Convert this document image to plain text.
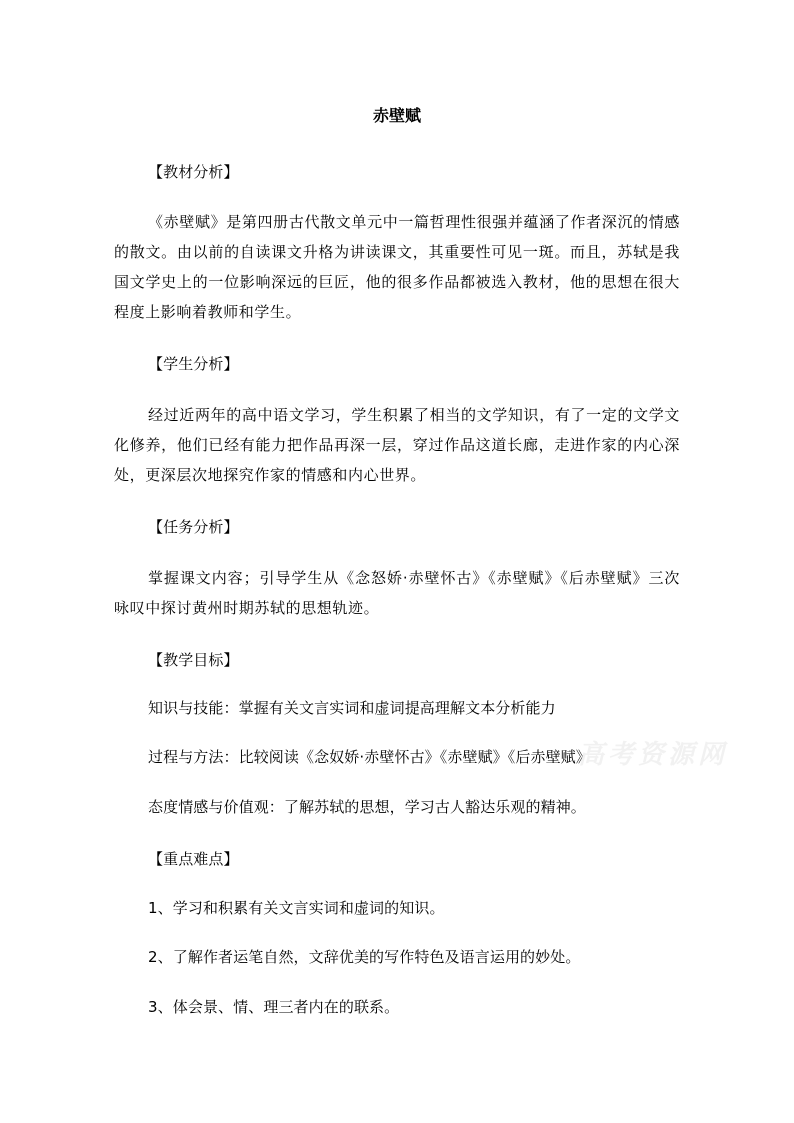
赤壁赋
【教材分析】
《赤壁赋》是第四册古代散文单元中一篇哲理性很强并蕴涵了作者深沉的情感的散文。由以前的自读课文升格为讲读课文，其重要性可见一斑。而且，苏轼是我国文学史上的一位影响深远的巨匠，他的很多作品都被选入教材，他的思想在很大程度上影响着教师和学生。
【学生分析】
经过近两年的高中语文学习，学生积累了相当的文学知识，有了一定的文学文化修养，他们已经有能力把作品再深一层，穿过作品这道长廊，走进作家的内心深处，更深层次地探究作家的情感和内心世界。
【任务分析】
掌握课文内容；引导学生从《念怒娇·赤壁怀古》《赤壁赋》《后赤壁赋》三次咏叹中探讨黄州时期苏轼的思想轨迹。
【教学目标】
知识与技能：掌握有关文言实词和虚词提高理解文本分析能力
过程与方法：比较阅读《念奴娇·赤壁怀古》《赤壁赋》《后赤壁赋》
态度情感与价值观：了解苏轼的思想，学习古人豁达乐观的精神。
【重点难点】
1、学习和积累有关文言实词和虚词的知识。
2、了解作者运笔自然，文辞优美的写作特色及语言运用的妙处。
3、体会景、情、理三者内在的联系。
高考资源网
